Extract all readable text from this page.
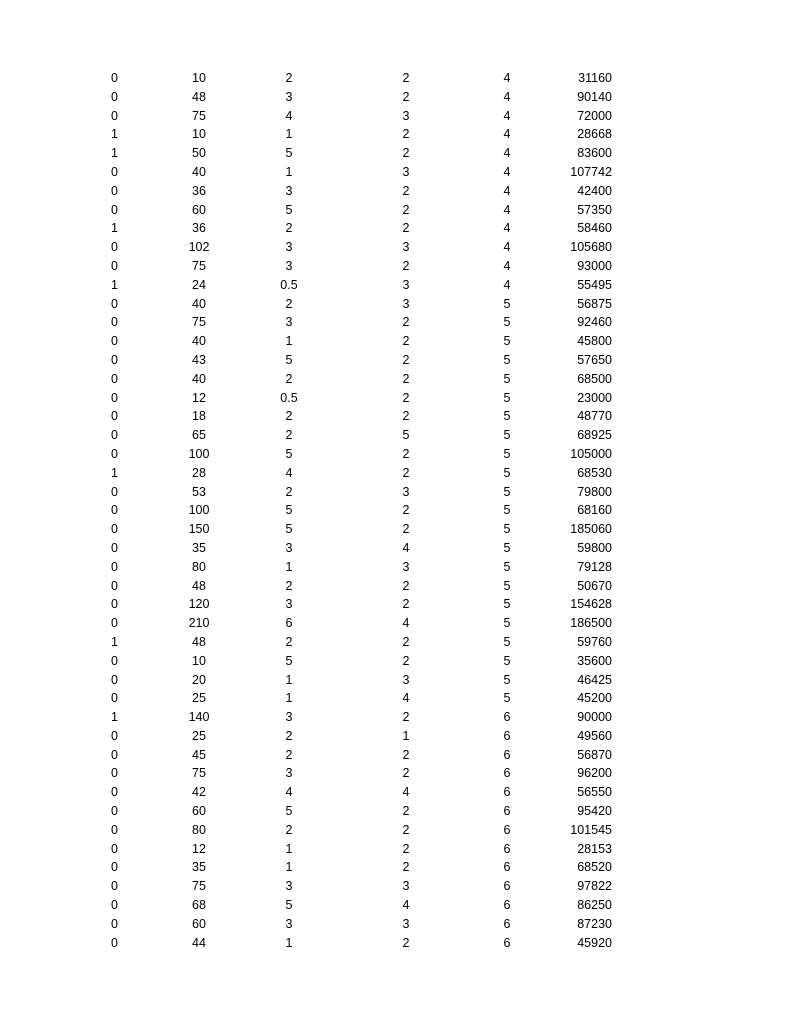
0	10	2	2	4	31160
0	48	3	2	4	90140
0	75	4	3	4	72000
1	10	1	2	4	28668
1	50	5	2	4	83600
0	40	1	3	4	107742
0	36	3	2	4	42400
0	60	5	2	4	57350
1	36	2	2	4	58460
0	102	3	3	4	105680
0	75	3	2	4	93000
1	24	0.5	3	4	55495
0	40	2	3	5	56875
0	75	3	2	5	92460
0	40	1	2	5	45800
0	43	5	2	5	57650
0	40	2	2	5	68500
0	12	0.5	2	5	23000
0	18	2	2	5	48770
0	65	2	5	5	68925
0	100	5	2	5	105000
1	28	4	2	5	68530
0	53	2	3	5	79800
0	100	5	2	5	68160
0	150	5	2	5	185060
0	35	3	4	5	59800
0	80	1	3	5	79128
0	48	2	2	5	50670
0	120	3	2	5	154628
0	210	6	4	5	186500
1	48	2	2	5	59760
0	10	5	2	5	35600
0	20	1	3	5	46425
0	25	1	4	5	45200
1	140	3	2	6	90000
0	25	2	1	6	49560
0	45	2	2	6	56870
0	75	3	2	6	96200
0	42	4	4	6	56550
0	60	5	2	6	95420
0	80	2	2	6	101545
0	12	1	2	6	28153
0	35	1	2	6	68520
0	75	3	3	6	97822
0	68	5	4	6	86250
0	60	3	3	6	87230
0	44	1	2	6	45920
